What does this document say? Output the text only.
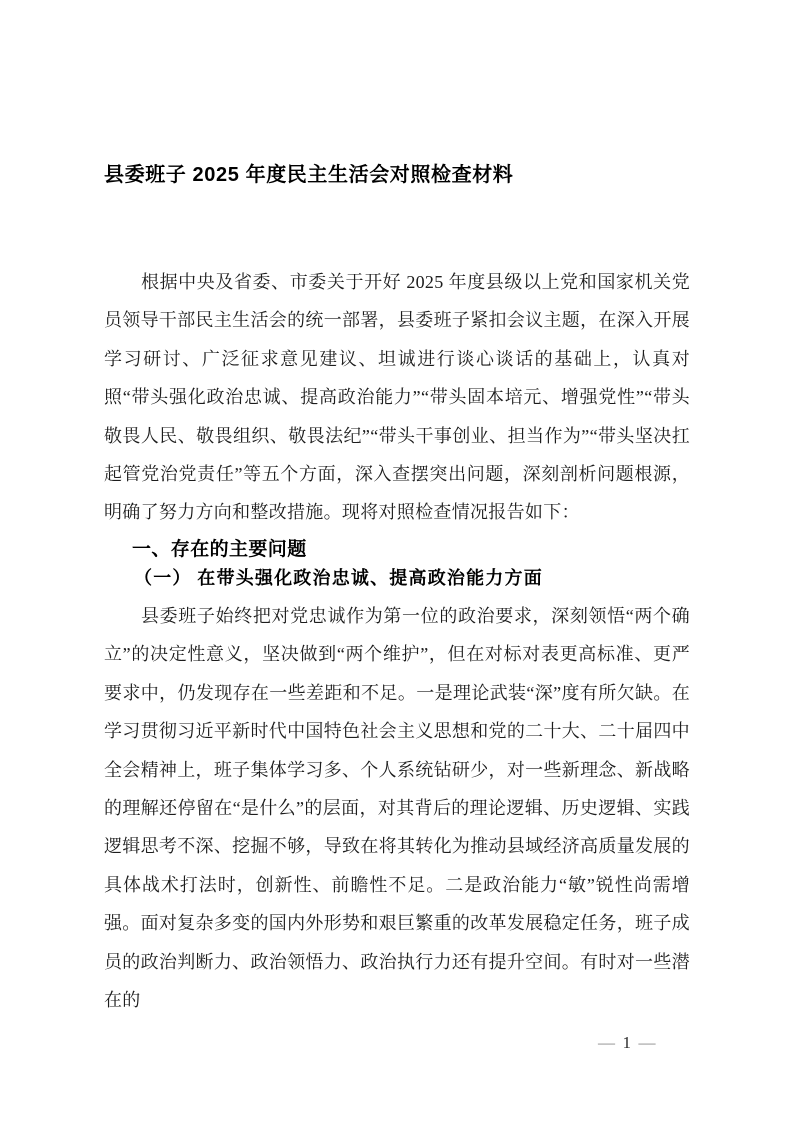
县委班子 2025 年度民主生活会对照检查材料
根据中央及省委、市委关于开好 2025 年度县级以上党和国家机关党员领导干部民主生活会的统一部署，县委班子紧扣会议主题，在深入开展学习研讨、广泛征求意见建议、坦诚进行谈心谈话的基础上，认真对照“带头强化政治忠诚、提高政治能力”“带头固本培元、增强党性”“带头敬畏人民、敬畏组织、敬畏法纪”“带头干事创业、担当作为”“带头坚决扛起管党治党责任”等五个方面，深入查摆突出问题，深刻剖析问题根源，明确了努力方向和整改措施。现将对照检查情况报告如下：
一、存在的主要问题
（一） 在带头强化政治忠诚、提高政治能力方面
县委班子始终把对党忠诚作为第一位的政治要求，深刻领悟“两个确立”的决定性意义，坚决做到“两个维护”，但在对标对表更高标准、更严要求中，仍发现存在一些差距和不足。一是理论武装“深”度有所欠缺。在学习贯彻习近平新时代中国特色社会主义思想和党的二十大、二十届四中全会精神上，班子集体学习多、个人系统钻研少，对一些新理念、新战略的理解还停留在“是什么”的层面，对其背后的理论逻辑、历史逻辑、实践逻辑思考不深、挖掘不够，导致在将其转化为推动县域经济高质量发展的具体战术打法时，创新性、前瞻性不足。二是政治能力“敏”锐性尚需增强。面对复杂多变的国内外形势和艰巨繁重的改革发展稳定任务，班子成员的政治判断力、政治领悟力、政治执行力还有提升空间。有时对一些潜在的
— 1 —
